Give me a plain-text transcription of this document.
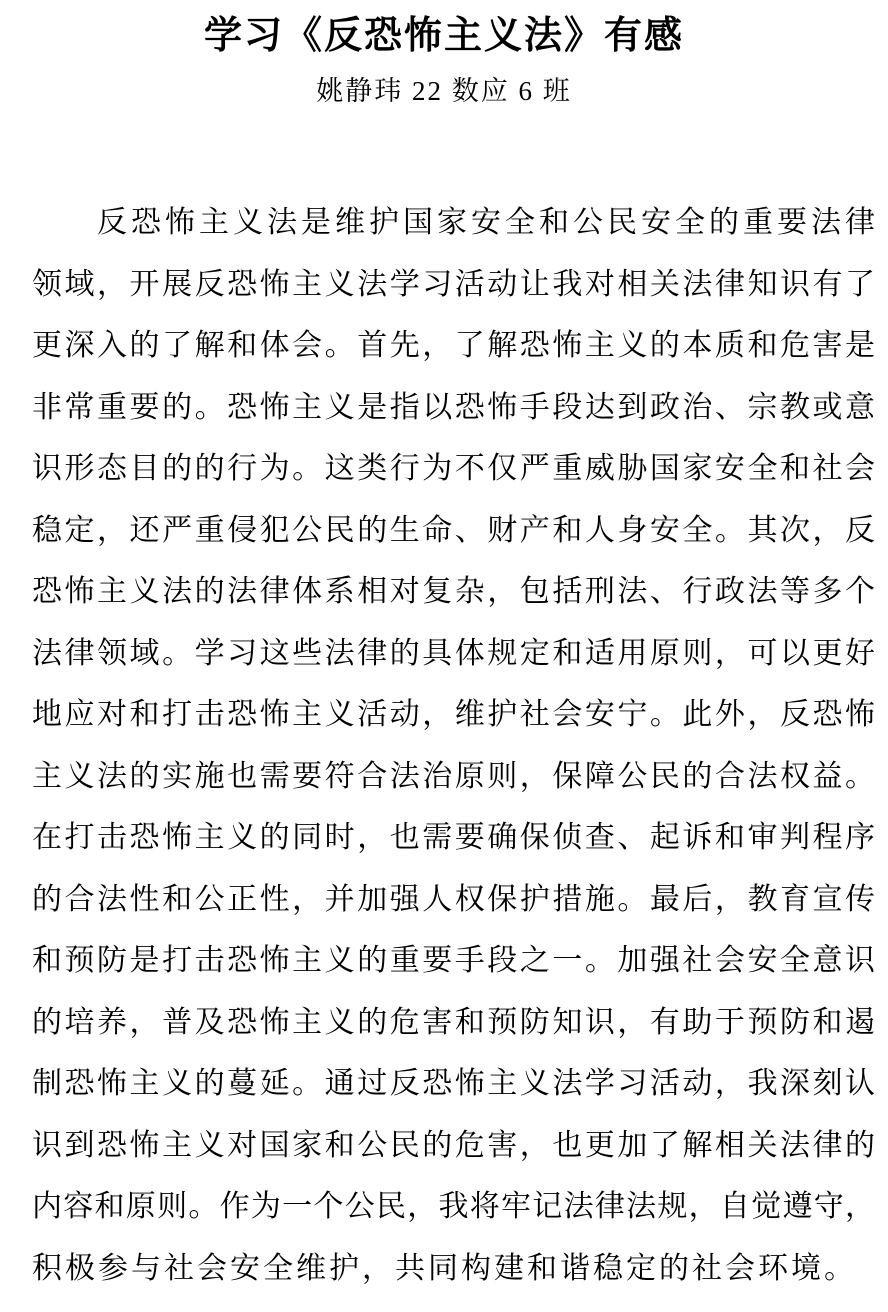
学习《反恐怖主义法》有感
姚静玮 22 数应 6 班
反恐怖主义法是维护国家安全和公民安全的重要法律
领域，开展反恐怖主义法学习活动让我对相关法律知识有了
更深入的了解和体会。首先，了解恐怖主义的本质和危害是
非常重要的。恐怖主义是指以恐怖手段达到政治、宗教或意
识形态目的的行为。这类行为不仅严重威胁国家安全和社会
稳定，还严重侵犯公民的生命、财产和人身安全。其次，反
恐怖主义法的法律体系相对复杂，包括刑法、行政法等多个
法律领域。学习这些法律的具体规定和适用原则，可以更好
地应对和打击恐怖主义活动，维护社会安宁。此外，反恐怖
主义法的实施也需要符合法治原则，保障公民的合法权益。
在打击恐怖主义的同时，也需要确保侦查、起诉和审判程序
的合法性和公正性，并加强人权保护措施。最后，教育宣传
和预防是打击恐怖主义的重要手段之一。加强社会安全意识
的培养，普及恐怖主义的危害和预防知识，有助于预防和遏
制恐怖主义的蔓延。通过反恐怖主义法学习活动，我深刻认
识到恐怖主义对国家和公民的危害，也更加了解相关法律的
内容和原则。作为一个公民，我将牢记法律法规，自觉遵守，
积极参与社会安全维护，共同构建和谐稳定的社会环境。
